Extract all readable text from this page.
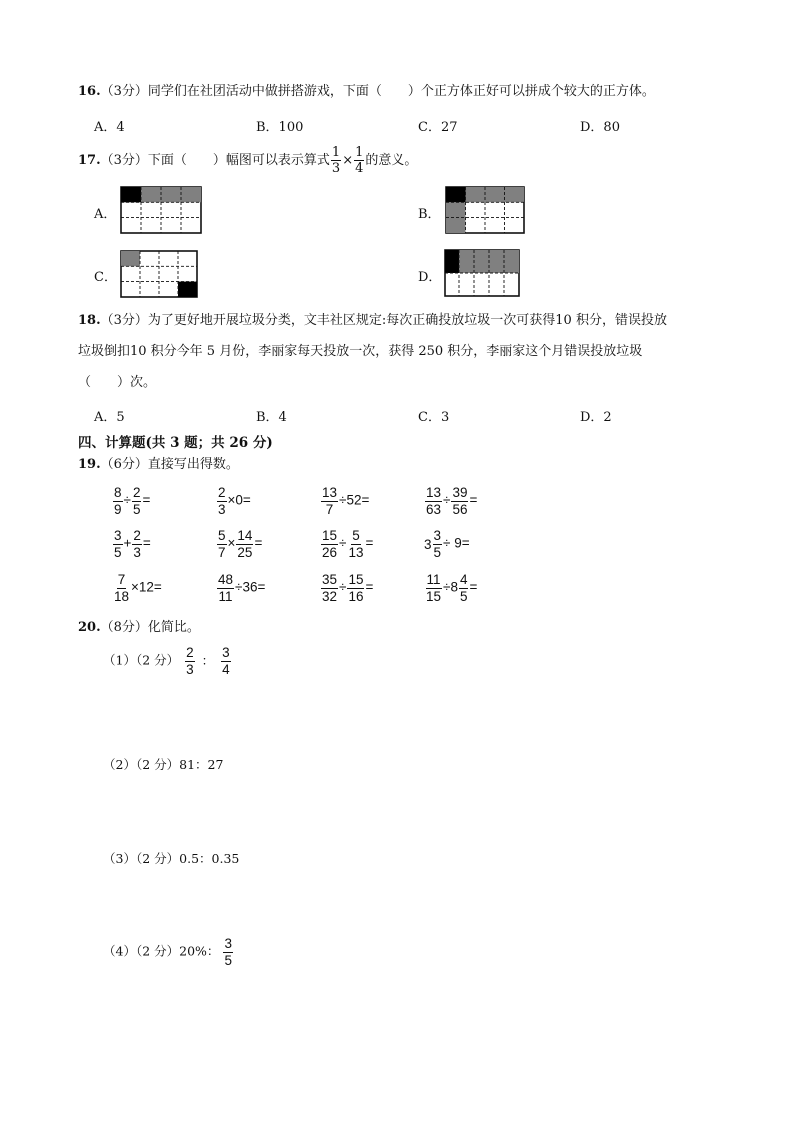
16.（3分）同学们在社团活动中做拼搭游戏，下面（　　）个正方体正好可以拼成个较大的正方体。
A．4	B．100	C．27	D．80
17.（3分）下面（　　）幅图可以表示算式 $\frac{1}{3} \times \frac{1}{4}$ 的意义。
A．	B．
C．	D．
18.（3分）为了更好地开展垃圾分类，文丰社区规定:每次正确投放垃圾一次可获得10 积分，错误投放
垃圾倒扣10 积分今年 5 月份，李丽家每天投放一次，获得 250 积分，李丽家这个月错误投放垃圾
（　　）次。
A．5	B．4	C．3	D．2
四、计算题(共 3 题；共 26 分)
19.（6分）直接写出得数。
$\frac{8}{9} \div \frac{2}{5}$ =	$\frac{2}{3} \times 0=$	$\frac{13}{7} \div 52=$	$\frac{13}{63} \div \frac{39}{56}$ =
$\frac{3}{5} + \frac{2}{3}$ =	$\frac{5}{7} \times \frac{14}{25}$ =	$\frac{15}{26} \div \frac{5}{13}$ =	$3 \frac{3}{5} \div 9=$
$\frac{7}{18} \times 12=$	$\frac{48}{11} \div 36=$	$\frac{35}{32} \div \frac{15}{16}$ =	$\frac{11}{15} \div 8 \frac{4}{5}$ =
20.（8分）化简比。
（1）（2 分） $\frac{2}{3}$ ： $\frac{3}{4}$
（2）（2 分）81：27
（3）（2 分）0.5：0.35
（4）（2 分）20%： $\frac{3}{5}$
